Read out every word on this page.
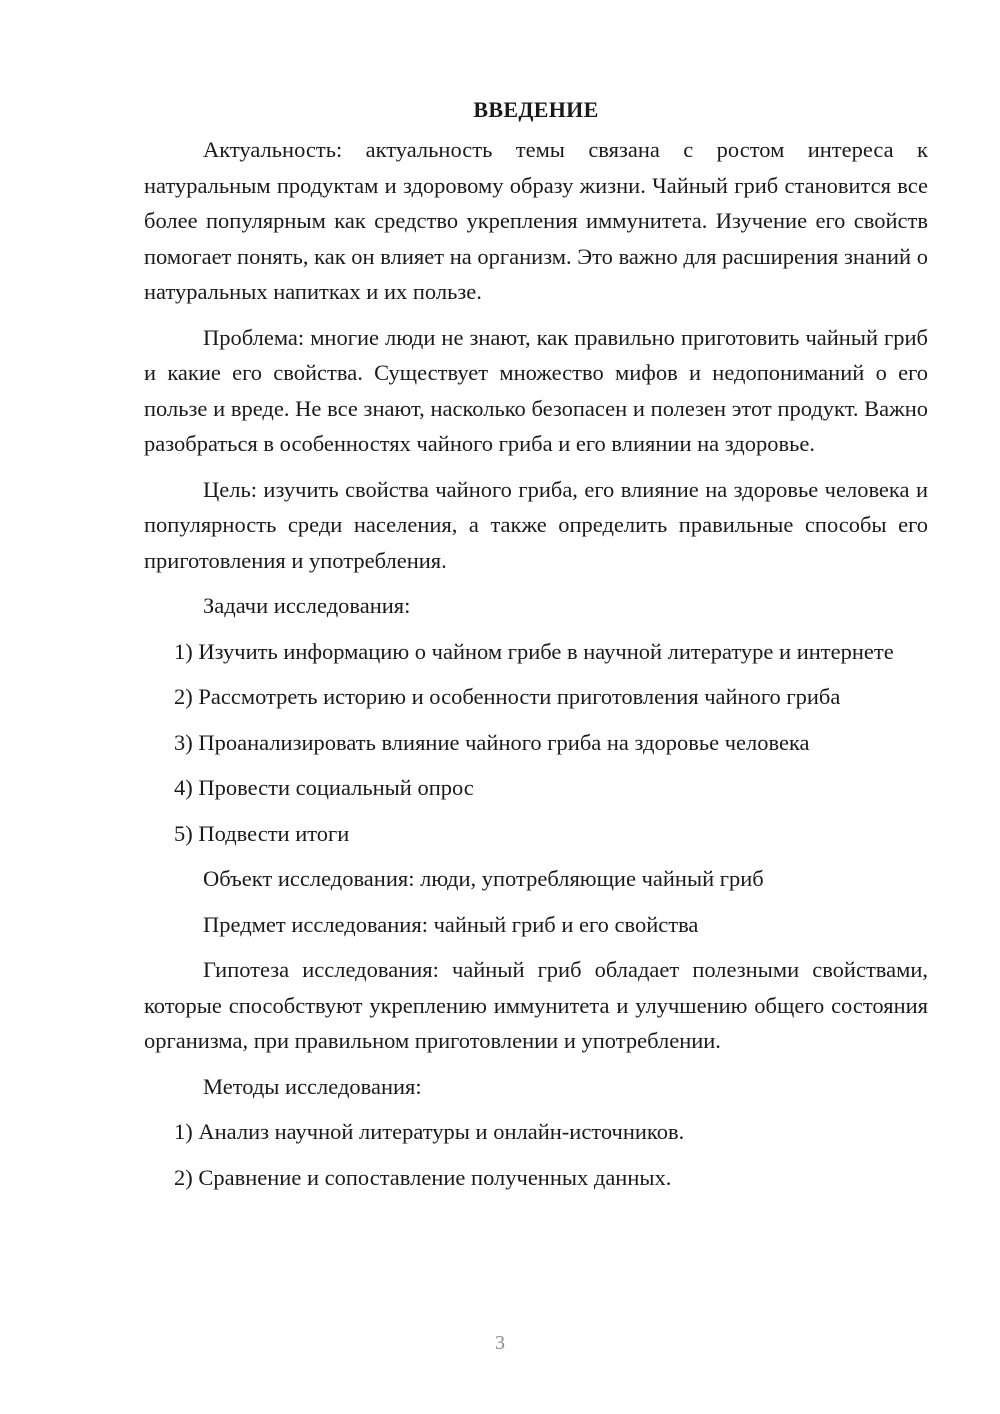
ВВЕДЕНИЕ

Актуальность: актуальность темы связана с ростом интереса к натуральным продуктам и здоровому образу жизни. Чайный гриб становится все более популярным как средство укрепления иммунитета. Изучение его свойств помогает понять, как он влияет на организм. Это важно для расширения знаний о натуральных напитках и их пользе.

Проблема: многие люди не знают, как правильно приготовить чайный гриб и какие его свойства. Существует множество мифов и недопониманий о его пользе и вреде. Не все знают, насколько безопасен и полезен этот продукт. Важно разобраться в особенностях чайного гриба и его влиянии на здоровье.

Цель: изучить свойства чайного гриба, его влияние на здоровье человека и популярность среди населения, а также определить правильные способы его приготовления и употребления.

Задачи исследования:

1) Изучить информацию о чайном грибе в научной литературе и интернете

2) Рассмотреть историю и особенности приготовления чайного гриба

3) Проанализировать влияние чайного гриба на здоровье человека

4) Провести социальный опрос

5) Подвести итоги

Объект исследования: люди, употребляющие чайный гриб

Предмет исследования: чайный гриб и его свойства

Гипотеза исследования: чайный гриб обладает полезными свойствами, которые способствуют укреплению иммунитета и улучшению общего состояния организма, при правильном приготовлении и употреблении.

Методы исследования:

1) Анализ научной литературы и онлайн-источников.

2) Сравнение и сопоставление полученных данных.

3
